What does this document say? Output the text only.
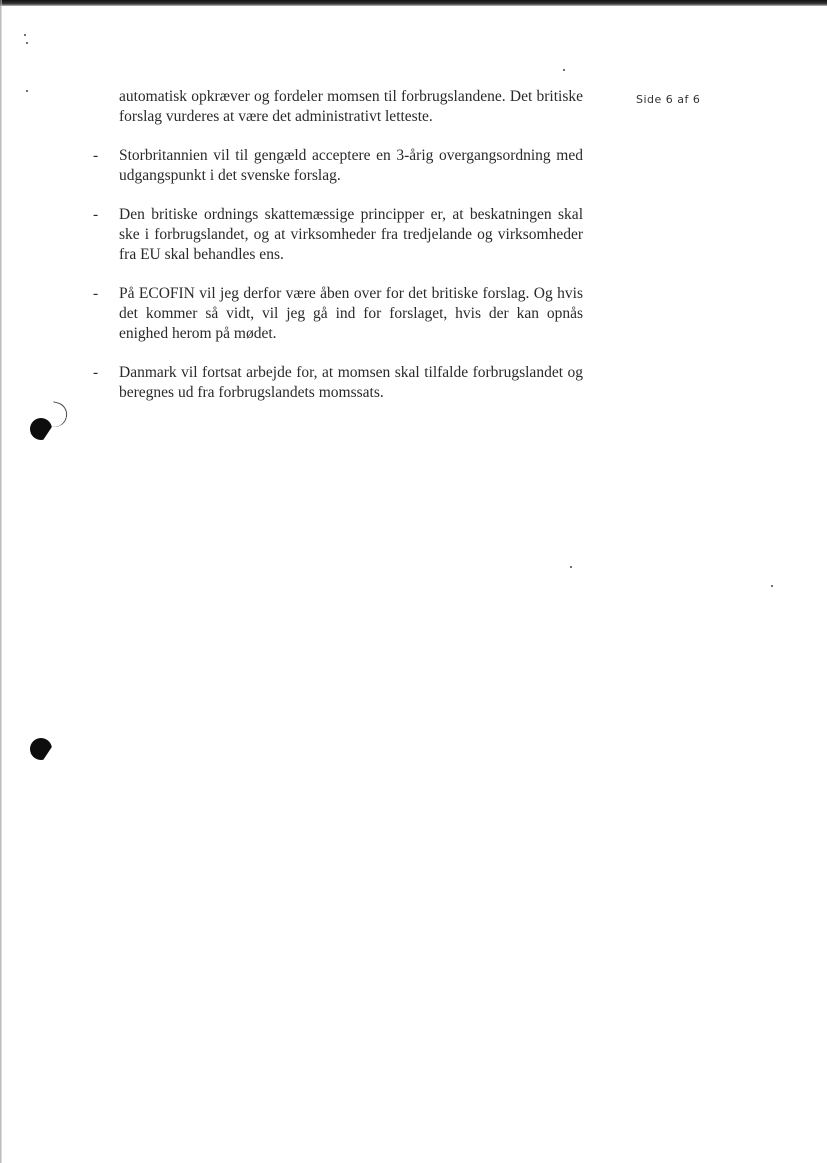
Side 6 af 6

automatisk opkræver og fordeler momsen til forbrugslandene. Det britiske forslag vurderes at være det administrativt letteste.

-	Storbritannien vil til gengæld acceptere en 3-årig overgangsordning med udgangspunkt i det svenske forslag.
-	Den britiske ordnings skattemæssige principper er, at beskatningen skal ske i forbrugslandet, og at virksomheder fra tredjelande og virksomheder fra EU skal behandles ens.
-	På ECOFIN vil jeg derfor være åben over for det britiske forslag. Og hvis det kommer så vidt, vil jeg gå ind for forslaget, hvis der kan opnås enighed herom på mødet.
-	Danmark vil fortsat arbejde for, at momsen skal tilfalde forbrugslandet og beregnes ud fra forbrugslandets momssats.
